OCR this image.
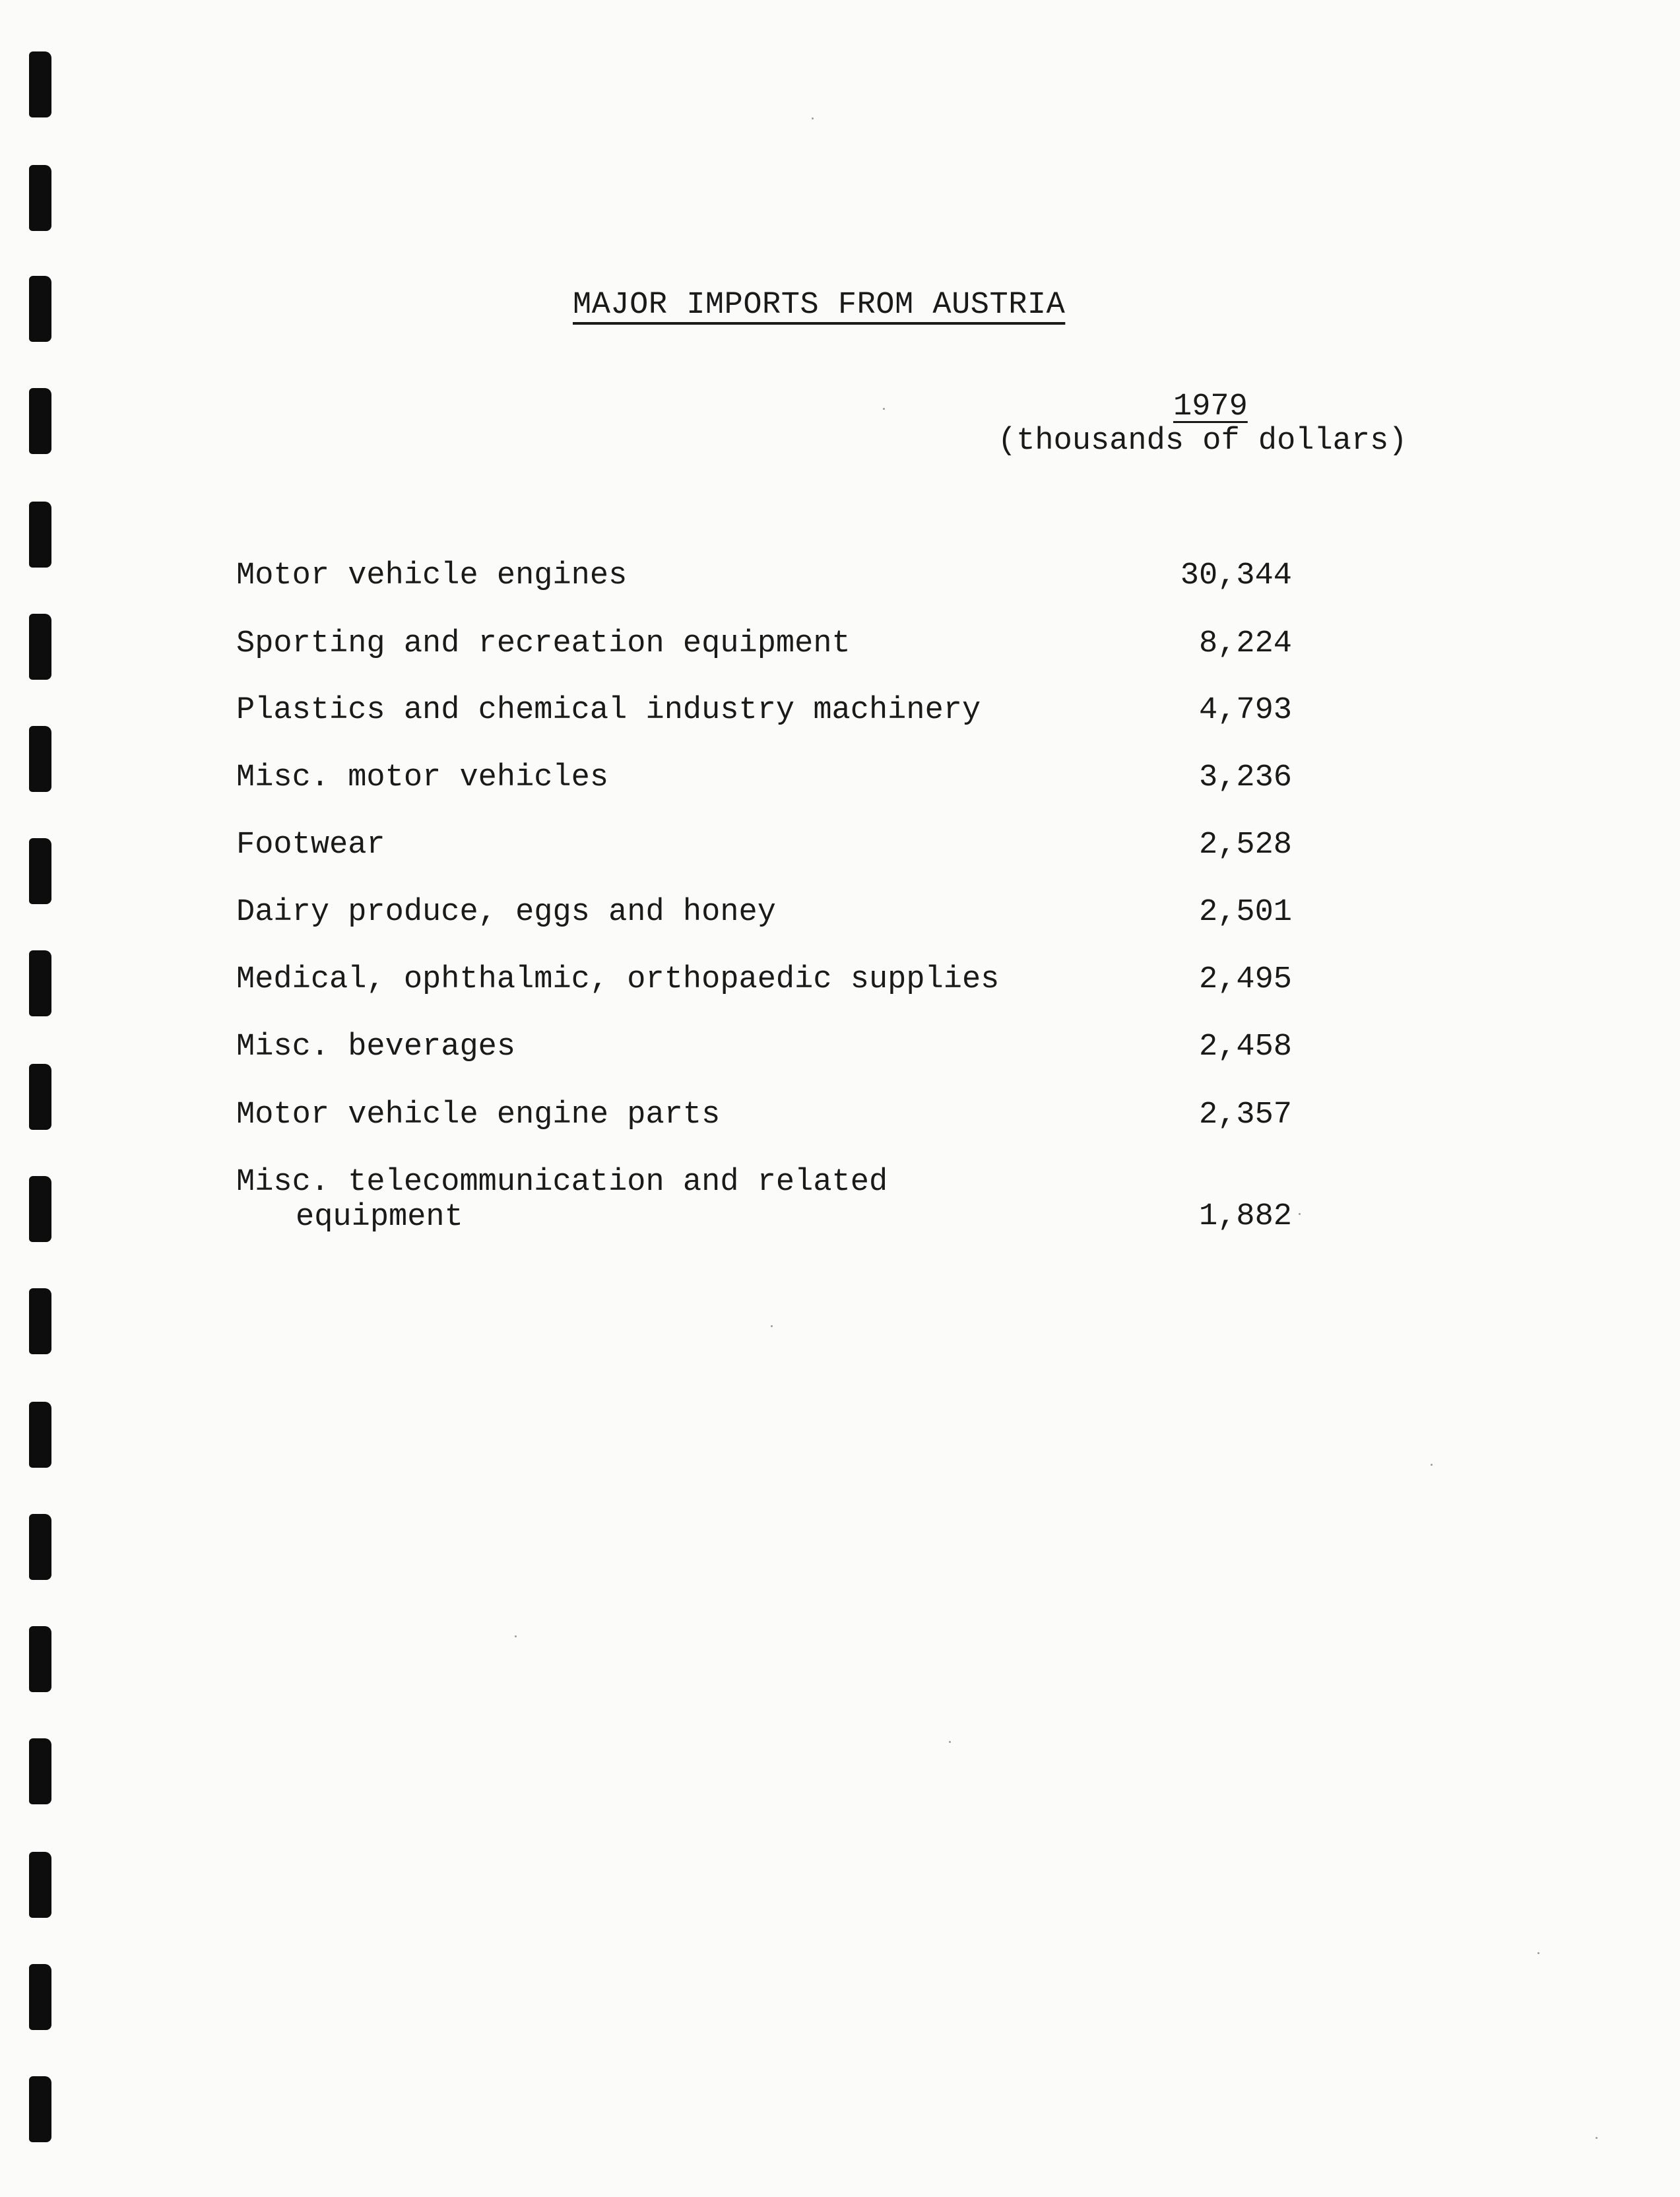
MAJOR IMPORTS FROM AUSTRIA
1979
(thousands of dollars)
Motor vehicle engines	30,344
Sporting and recreation equipment	8,224
Plastics and chemical industry machinery	4,793
Misc. motor vehicles	3,236
Footwear	2,528
Dairy produce, eggs and honey	2,501
Medical, ophthalmic, orthopaedic supplies	2,495
Misc. beverages	2,458
Motor vehicle engine parts	2,357
Misc. telecommunication and related
equipment	1,882
